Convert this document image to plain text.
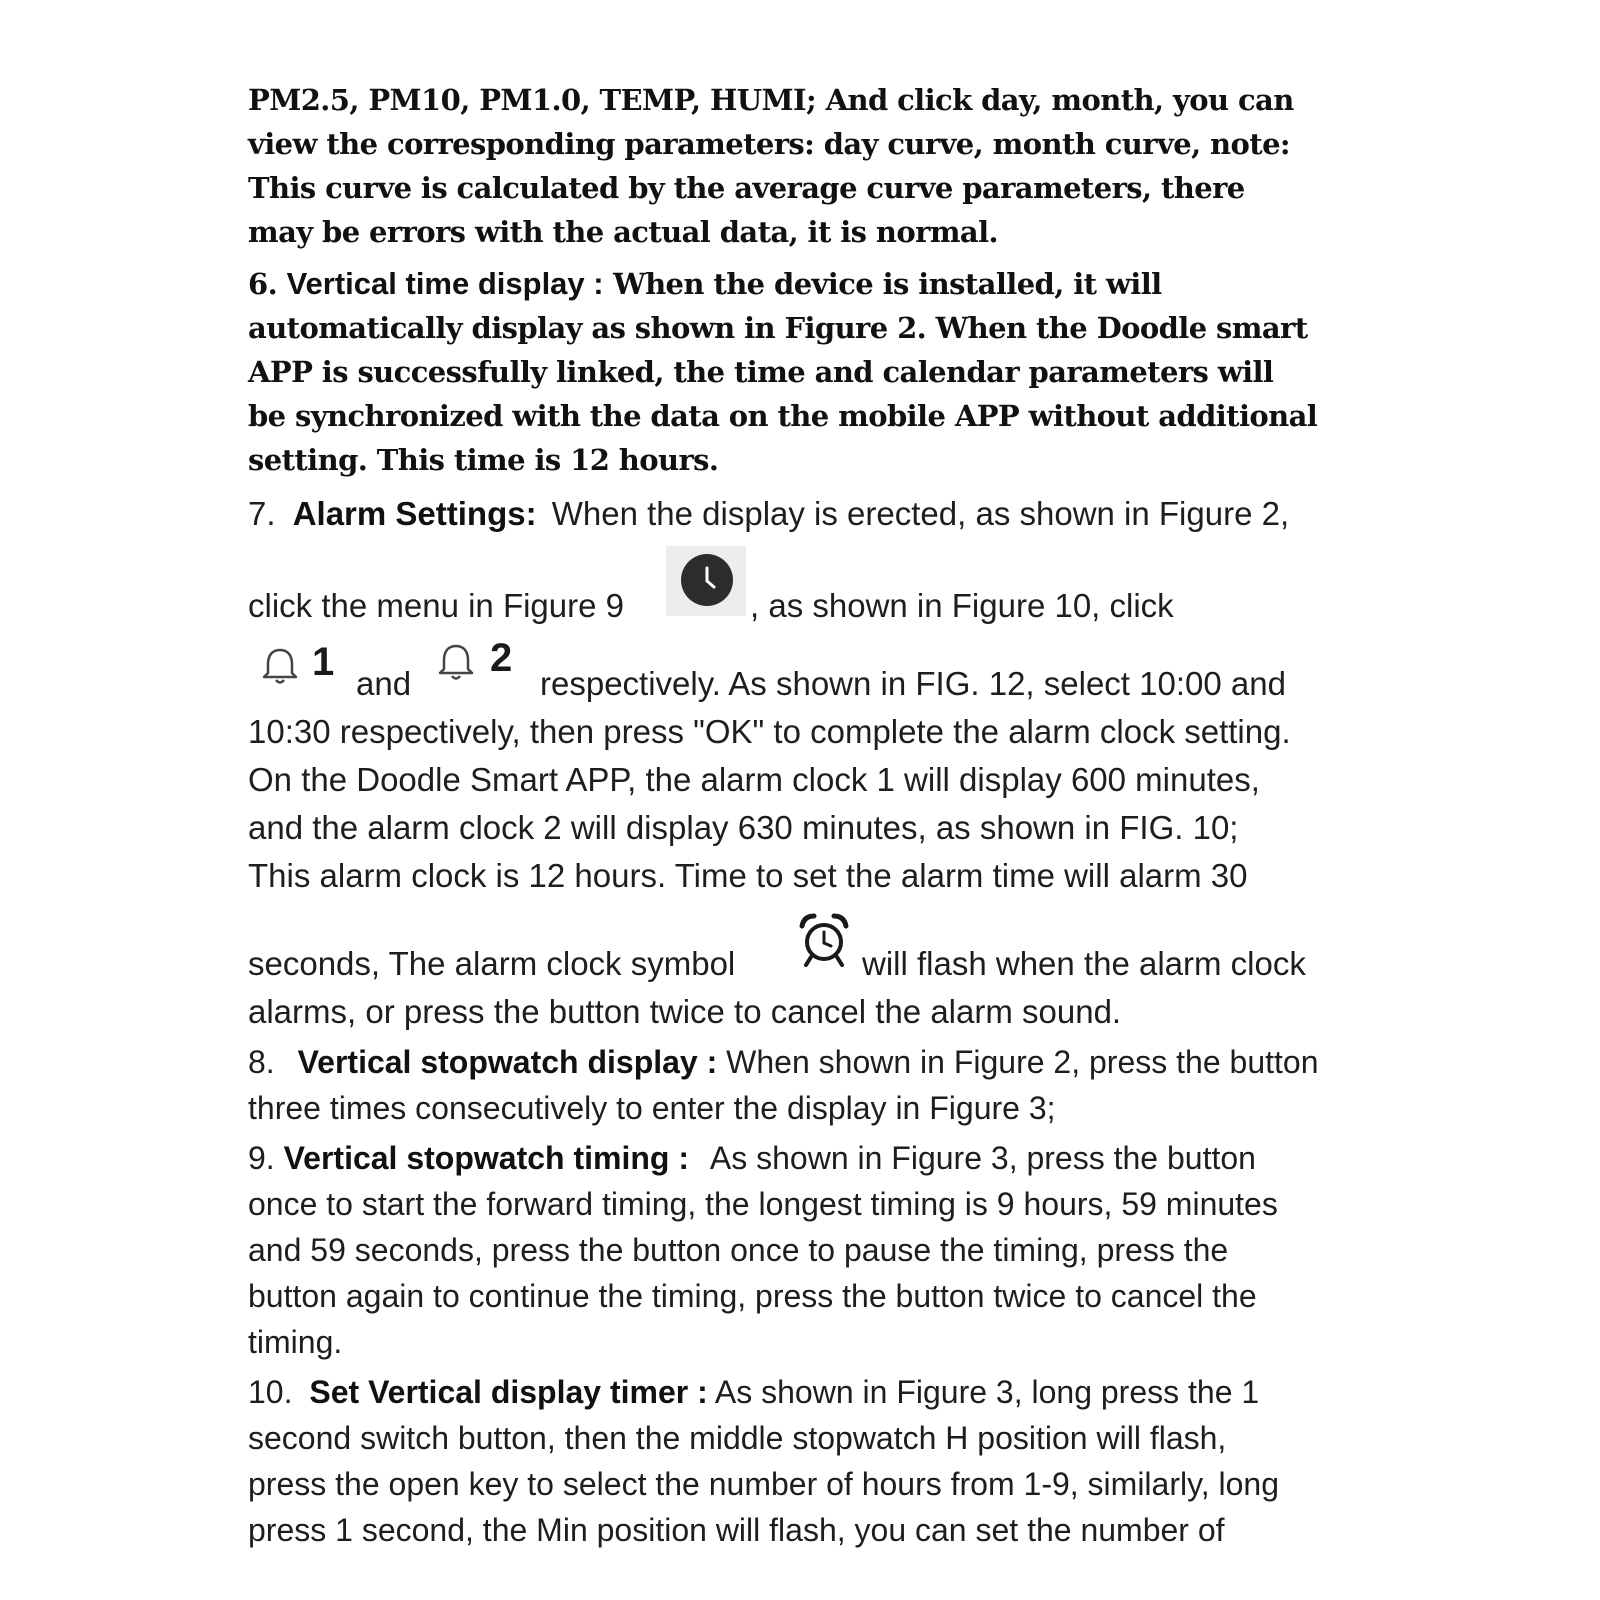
PM2.5, PM10, PM1.0, TEMP, HUMI; And click day, month, you can
view the corresponding parameters: day curve, month curve, note:
This curve is calculated by the average curve parameters, there
may be errors with the actual data, it is normal.
6. Vertical time display : When the device is installed, it will
automatically display as shown in Figure 2. When the Doodle smart
APP is successfully linked, the time and calendar parameters will
be synchronized with the data on the mobile APP without additional
setting. This time is 12 hours.
7. Alarm Settings: When the display is erected, as shown in Figure 2,
click the menu in Figure 9	, as shown in Figure 10, click
1 and
2
respectively. As shown in FIG. 12, select 10:00 and
10:30 respectively, then press "OK" to complete the alarm clock setting.
On the Doodle Smart APP, the alarm clock 1 will display 600 minutes,
and the alarm clock 2 will display 630 minutes, as shown in FIG. 10;
This alarm clock is 12 hours. Time to set the alarm time will alarm 30
seconds, The alarm clock symbol	will flash when the alarm clock
alarms, or press the button twice to cancel the alarm sound.
8. Vertical stopwatch display : When shown in Figure 2, press the button
three times consecutively to enter the display in Figure 3;
9. Vertical stopwatch timing : As shown in Figure 3, press the button
once to start the forward timing, the longest timing is 9 hours, 59 minutes
and 59 seconds, press the button once to pause the timing, press the
button again to continue the timing, press the button twice to cancel the
timing.
10. Set Vertical display timer : As shown in Figure 3, long press the 1
second switch button, then the middle stopwatch H position will flash,
press the open key to select the number of hours from 1-9, similarly, long
press 1 second, the Min position will flash, you can set the number of
